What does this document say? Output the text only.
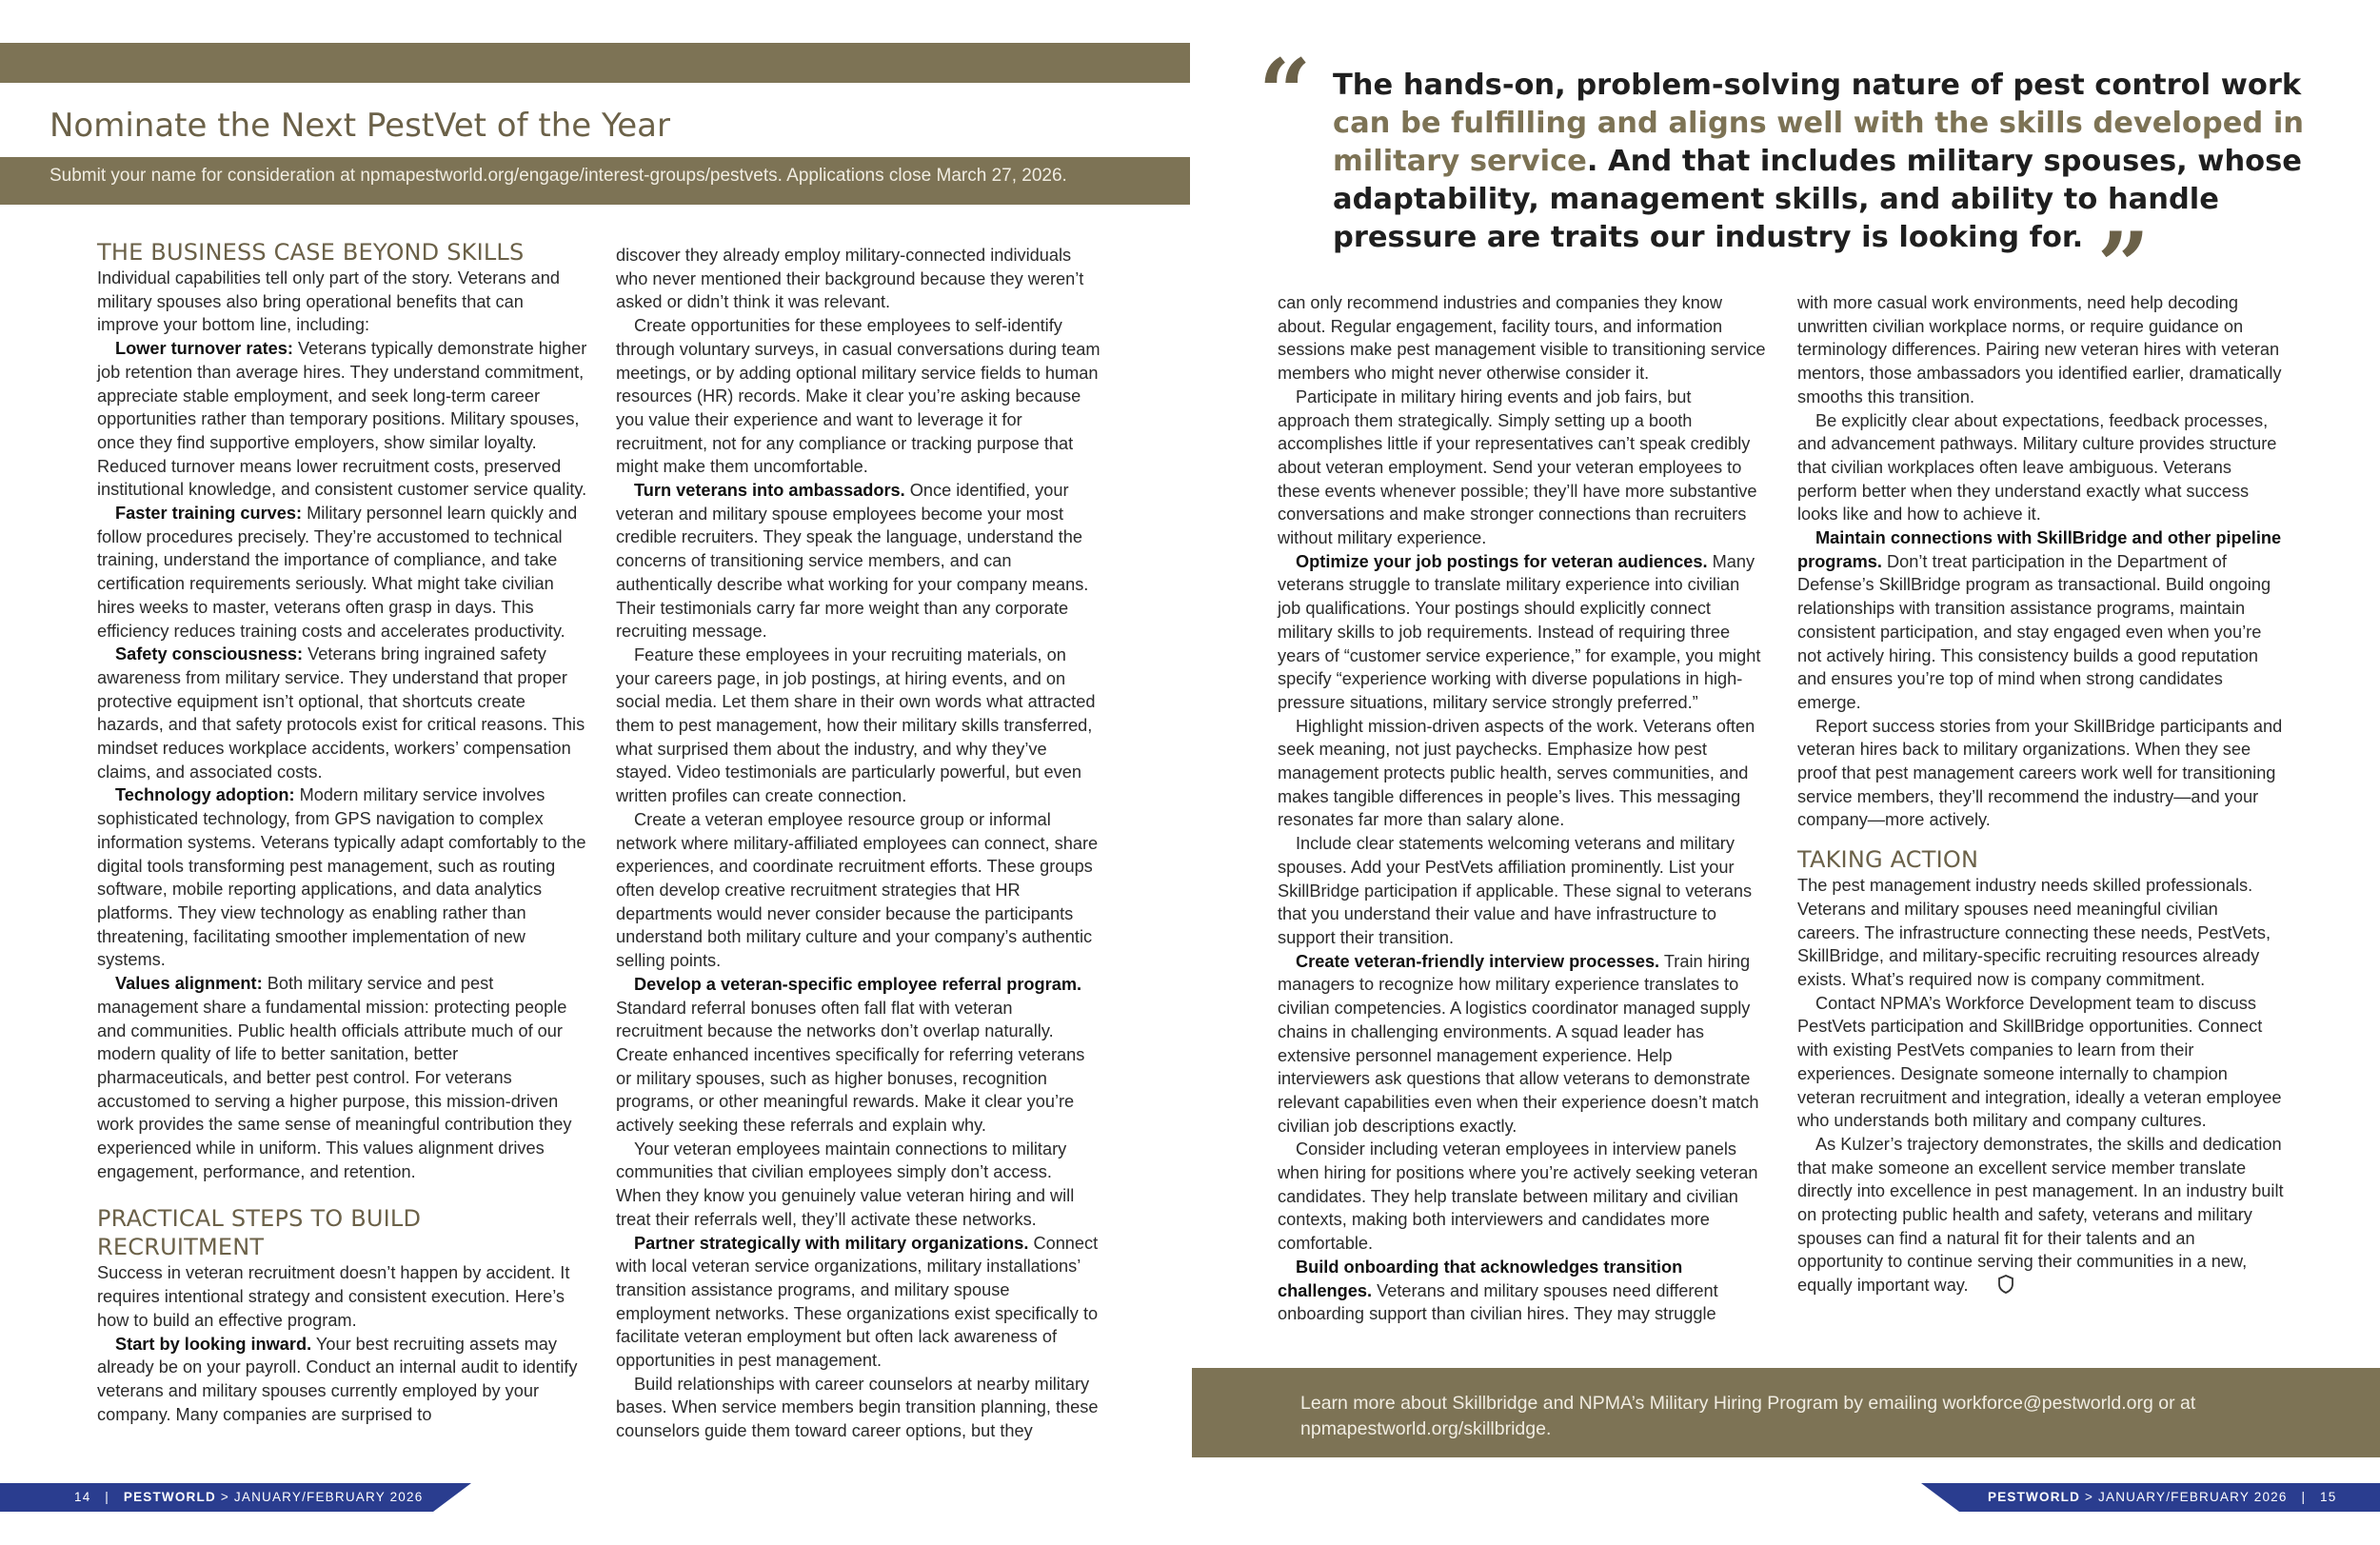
Nominate the Next PestVet of the Year
Submit your name for consideration at npmapestworld.org/engage/interest-groups/pestvets. Applications close March 27, 2026.
“ The hands-on, problem-solving nature of pest control work can be fulfilling and aligns well with the skills developed in military service. And that includes military spouses, whose adaptability, management skills, and ability to handle pressure are traits our industry is looking for. ”
THE BUSINESS CASE BEYOND SKILLS

Individual capabilities tell only part of the story. Veterans and military spouses also bring operational benefits that can improve your bottom line, including:

Lower turnover rates: Veterans typically demonstrate higher job retention than average hires. They understand commitment, appreciate stable employment, and seek long-term career opportunities rather than temporary positions. Military spouses, once they find supportive employers, show similar loyalty. Reduced turnover means lower recruitment costs, preserved institutional knowledge, and consistent customer service quality.

Faster training curves: Military personnel learn quickly and follow procedures precisely. They’re accustomed to technical training, understand the importance of compliance, and take certification requirements seriously. What might take civilian hires weeks to master, veterans often grasp in days. This efficiency reduces training costs and accelerates productivity.

Safety consciousness: Veterans bring ingrained safety awareness from military service. They understand that proper protective equipment isn’t optional, that shortcuts create hazards, and that safety protocols exist for critical reasons. This mindset reduces workplace accidents, workers’ compensation claims, and associated costs.

Technology adoption: Modern military service involves sophisticated technology, from GPS navigation to complex information systems. Veterans typically adapt comfortably to the digital tools transforming pest management, such as routing software, mobile reporting applications, and data analytics platforms. They view technology as enabling rather than threatening, facilitating smoother implementation of new systems.

Values alignment: Both military service and pest management share a fundamental mission: protecting people and communities. Public health officials attribute much of our modern quality of life to better sanitation, better pharmaceuticals, and better pest control. For veterans accustomed to serving a higher purpose, this mission-driven work provides the same sense of meaningful contribution they experienced while in uniform. This values alignment drives engagement, performance, and retention.

PRACTICAL STEPS TO BUILD RECRUITMENT

Success in veteran recruitment doesn’t happen by accident. It requires intentional strategy and consistent execution. Here’s how to build an effective program.

Start by looking inward. Your best recruiting assets may already be on your payroll. Conduct an internal audit to identify veterans and military spouses currently employed by your company. Many companies are surprised to

discover they already employ military-connected individuals who never mentioned their background because they weren’t asked or didn’t think it was relevant.

Create opportunities for these employees to self-identify through voluntary surveys, in casual conversations during team meetings, or by adding optional military service fields to human resources (HR) records. Make it clear you’re asking because you value their experience and want to leverage it for recruitment, not for any compliance or tracking purpose that might make them uncomfortable.

Turn veterans into ambassadors. Once identified, your veteran and military spouse employees become your most credible recruiters. They speak the language, understand the concerns of transitioning service members, and can authentically describe what working for your company means. Their testimonials carry far more weight than any corporate recruiting message.

Feature these employees in your recruiting materials, on your careers page, in job postings, at hiring events, and on social media. Let them share in their own words what attracted them to pest management, how their military skills transferred, what surprised them about the industry, and why they’ve stayed. Video testimonials are particularly powerful, but even written profiles can create connection.

Create a veteran employee resource group or informal network where military-affiliated employees can connect, share experiences, and coordinate recruitment efforts. These groups often develop creative recruitment strategies that HR departments would never consider because the participants understand both military culture and your company’s authentic selling points.

Develop a veteran-specific employee referral program. Standard referral bonuses often fall flat with veteran recruitment because the networks don’t overlap naturally. Create enhanced incentives specifically for referring veterans or military spouses, such as higher bonuses, recognition programs, or other meaningful rewards. Make it clear you’re actively seeking these referrals and explain why.

Your veteran employees maintain connections to military communities that civilian employees simply don’t access. When they know you genuinely value veteran hiring and will treat their referrals well, they’ll activate these networks.

Partner strategically with military organizations. Connect with local veteran service organizations, military installations’ transition assistance programs, and military spouse employment networks. These organizations exist specifically to facilitate veteran employment but often lack awareness of opportunities in pest management.

Build relationships with career counselors at nearby military bases. When service members begin transition planning, these counselors guide them toward career options, but they

can only recommend industries and companies they know about. Regular engagement, facility tours, and information sessions make pest management visible to transitioning service members who might never otherwise consider it.

Participate in military hiring events and job fairs, but approach them strategically. Simply setting up a booth accomplishes little if your representatives can’t speak credibly about veteran employment. Send your veteran employees to these events whenever possible; they’ll have more substantive conversations and make stronger connections than recruiters without military experience.

Optimize your job postings for veteran audiences. Many veterans struggle to translate military experience into civilian job qualifications. Your postings should explicitly connect military skills to job requirements. Instead of requiring three years of “customer service experience,” for example, you might specify “experience working with diverse populations in high-pressure situations, military service strongly preferred.”

Highlight mission-driven aspects of the work. Veterans often seek meaning, not just paychecks. Emphasize how pest management protects public health, serves communities, and makes tangible differences in people’s lives. This messaging resonates far more than salary alone.

Include clear statements welcoming veterans and military spouses. Add your PestVets affiliation prominently. List your SkillBridge participation if applicable. These signal to veterans that you understand their value and have infrastructure to support their transition.

Create veteran-friendly interview processes. Train hiring managers to recognize how military experience translates to civilian competencies. A logistics coordinator managed supply chains in challenging environments. A squad leader has extensive personnel management experience. Help interviewers ask questions that allow veterans to demonstrate relevant capabilities even when their experience doesn’t match civilian job descriptions exactly.

Consider including veteran employees in interview panels when hiring for positions where you’re actively seeking veteran candidates. They help translate between military and civilian contexts, making both interviewers and candidates more comfortable.

Build onboarding that acknowledges transition challenges. Veterans and military spouses need different onboarding support than civilian hires. They may struggle

with more casual work environments, need help decoding unwritten civilian workplace norms, or require guidance on terminology differences. Pairing new veteran hires with veteran mentors, those ambassadors you identified earlier, dramatically smooths this transition.

Be explicitly clear about expectations, feedback processes, and advancement pathways. Military culture provides structure that civilian workplaces often leave ambiguous. Veterans perform better when they understand exactly what success looks like and how to achieve it.

Maintain connections with SkillBridge and other pipeline programs. Don’t treat participation in the Department of Defense’s SkillBridge program as transactional. Build ongoing relationships with transition assistance programs, maintain consistent participation, and stay engaged even when you’re not actively hiring. This consistency builds a good reputation and ensures you’re top of mind when strong candidates emerge.

Report success stories from your SkillBridge participants and veteran hires back to military organizations. When they see proof that pest management careers work well for transitioning service members, they’ll recommend the industry—and your company—more actively.

TAKING ACTION

The pest management industry needs skilled professionals. Veterans and military spouses need meaningful civilian careers. The infrastructure connecting these needs, PestVets, SkillBridge, and military-specific recruiting resources already exists. What’s required now is company commitment.

Contact NPMA’s Workforce Development team to discuss PestVets participation and SkillBridge opportunities. Connect with existing PestVets companies to learn from their experiences. Designate someone internally to champion veteran recruitment and integration, ideally a veteran employee who understands both military and company cultures.

As Kulzer’s trajectory demonstrates, the skills and dedication that make someone an excellent service member translate directly into excellence in pest management. In an industry built on protecting public health and safety, veterans and military spouses can find a natural fit for their talents and an opportunity to continue serving their communities in a new, equally important way.

Learn more about Skillbridge and NPMA’s Military Hiring Program by emailing workforce@pestworld.org or at npmapestworld.org/skillbridge.
14 | PESTWORLD > JANUARY/FEBRUARY 2026	PESTWORLD > JANUARY/FEBRUARY 2026 | 15
